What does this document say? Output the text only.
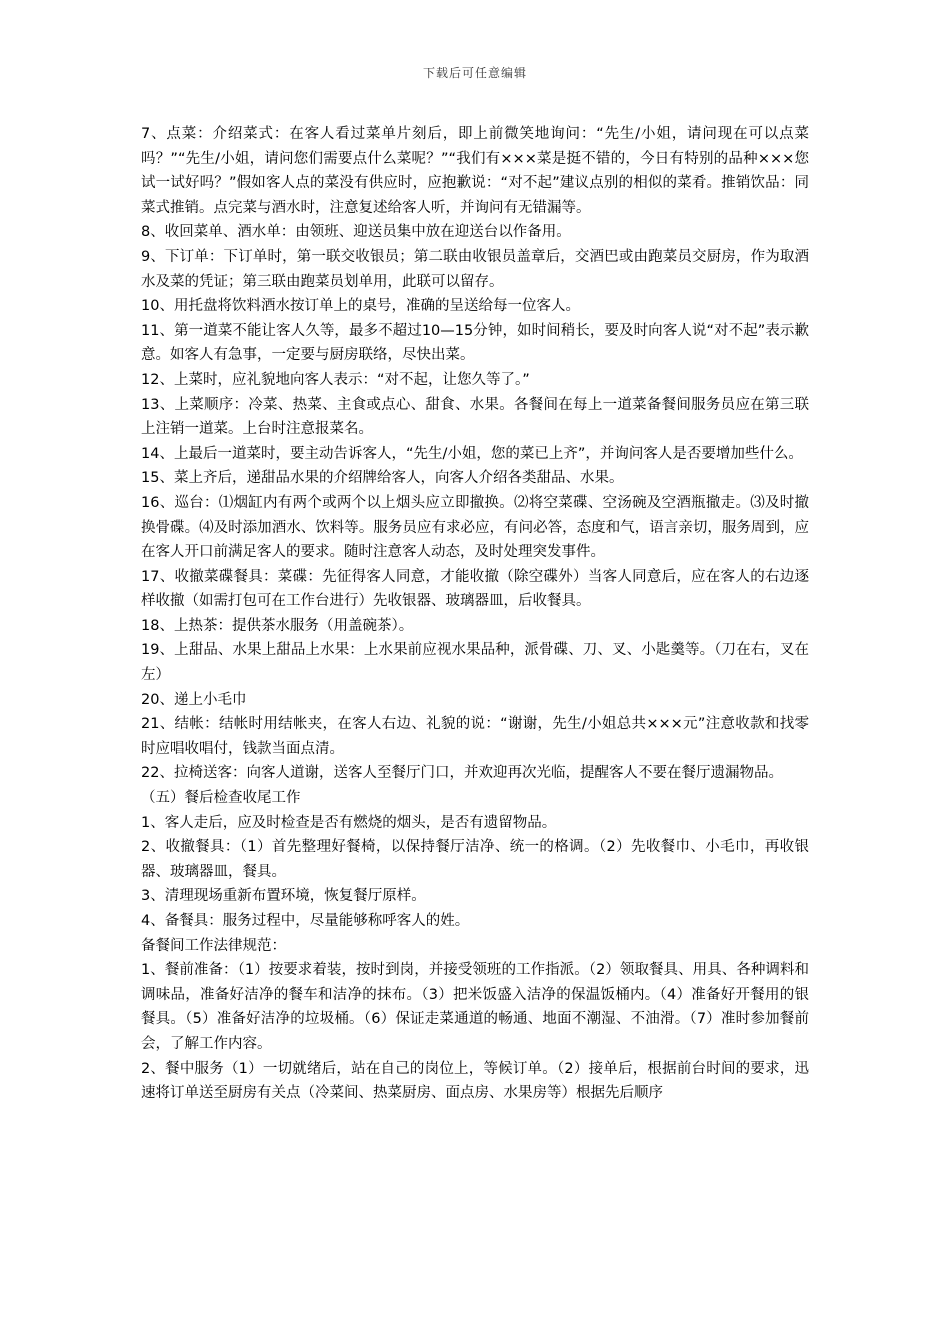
下载后可任意编辑

7、点菜：介绍菜式：在客人看过菜单片刻后，即上前微笑地询问：“先生/小姐，请问现在可以点菜吗？”“先生/小姐，请问您们需要点什么菜呢？”“我们有×××菜是挺不错的，今日有特别的品种×××您试一试好吗？”假如客人点的菜没有供应时，应抱歉说：“对不起”建议点别的相似的菜肴。推销饮品：同菜式推销。点完菜与酒水时，注意复述给客人听，并询问有无错漏等。

8、收回菜单、酒水单：由领班、迎送员集中放在迎送台以作备用。

9、下订单：下订单时，第一联交收银员；第二联由收银员盖章后，交酒巴或由跑菜员交厨房，作为取酒水及菜的凭证；第三联由跑菜员划单用，此联可以留存。

10、用托盘将饮料酒水按订单上的桌号，准确的呈送给每一位客人。

11、第一道菜不能让客人久等，最多不超过10—15分钟，如时间稍长，要及时向客人说“对不起”表示歉意。如客人有急事，一定要与厨房联络，尽快出菜。

12、上菜时，应礼貌地向客人表示：“对不起，让您久等了。”

13、上菜顺序：冷菜、热菜、主食或点心、甜食、水果。各餐间在每上一道菜备餐间服务员应在第三联上注销一道菜。上台时注意报菜名。

14、上最后一道菜时，要主动告诉客人，“先生/小姐，您的菜已上齐”，并询问客人是否要增加些什么。

15、菜上齐后，递甜品水果的介绍牌给客人，向客人介绍各类甜品、水果。

16、巡台：⑴烟缸内有两个或两个以上烟头应立即撤换。⑵将空菜碟、空汤碗及空酒瓶撤走。⑶及时撤换骨碟。⑷及时添加酒水、饮料等。服务员应有求必应，有问必答，态度和气，语言亲切，服务周到，应在客人开口前满足客人的要求。随时注意客人动态，及时处理突发事件。

17、收撤菜碟餐具：菜碟：先征得客人同意，才能收撤（除空碟外）当客人同意后，应在客人的右边逐样收撤（如需打包可在工作台进行）先收银器、玻璃器皿，后收餐具。

18、上热茶：提供茶水服务（用盖碗茶）。

19、上甜品、水果上甜品上水果：上水果前应视水果品种，派骨碟、刀、叉、小匙羹等。（刀在右，叉在左）

20、递上小毛巾

21、结帐：结帐时用结帐夹，在客人右边、礼貌的说：“谢谢，先生/小姐总共×××元”注意收款和找零时应唱收唱付，钱款当面点清。

22、拉椅送客：向客人道谢，送客人至餐厅门口，并欢迎再次光临，提醒客人不要在餐厅遗漏物品。

（五）餐后检查收尾工作

1、客人走后，应及时检查是否有燃烧的烟头，是否有遗留物品。

2、收撤餐具：（1）首先整理好餐椅，以保持餐厅洁净、统一的格调。（2）先收餐巾、小毛巾，再收银器、玻璃器皿，餐具。

3、清理现场重新布置环境，恢复餐厅原样。

4、备餐具：服务过程中，尽量能够称呼客人的姓。

备餐间工作法律规范：

1、餐前准备：（1）按要求着装，按时到岗，并接受领班的工作指派。（2）领取餐具、用具、各种调料和调味品，准备好洁净的餐车和洁净的抹布。（3）把米饭盛入洁净的保温饭桶内。（4）准备好开餐用的银餐具。（5）准备好洁净的垃圾桶。（6）保证走菜通道的畅通、地面不潮湿、不油滑。（7）准时参加餐前会，了解工作内容。

2、餐中服务（1）一切就绪后，站在自己的岗位上，等候订单。（2）接单后，根据前台时间的要求，迅速将订单送至厨房有关点（冷菜间、热菜厨房、面点房、水果房等）根据先后顺序
